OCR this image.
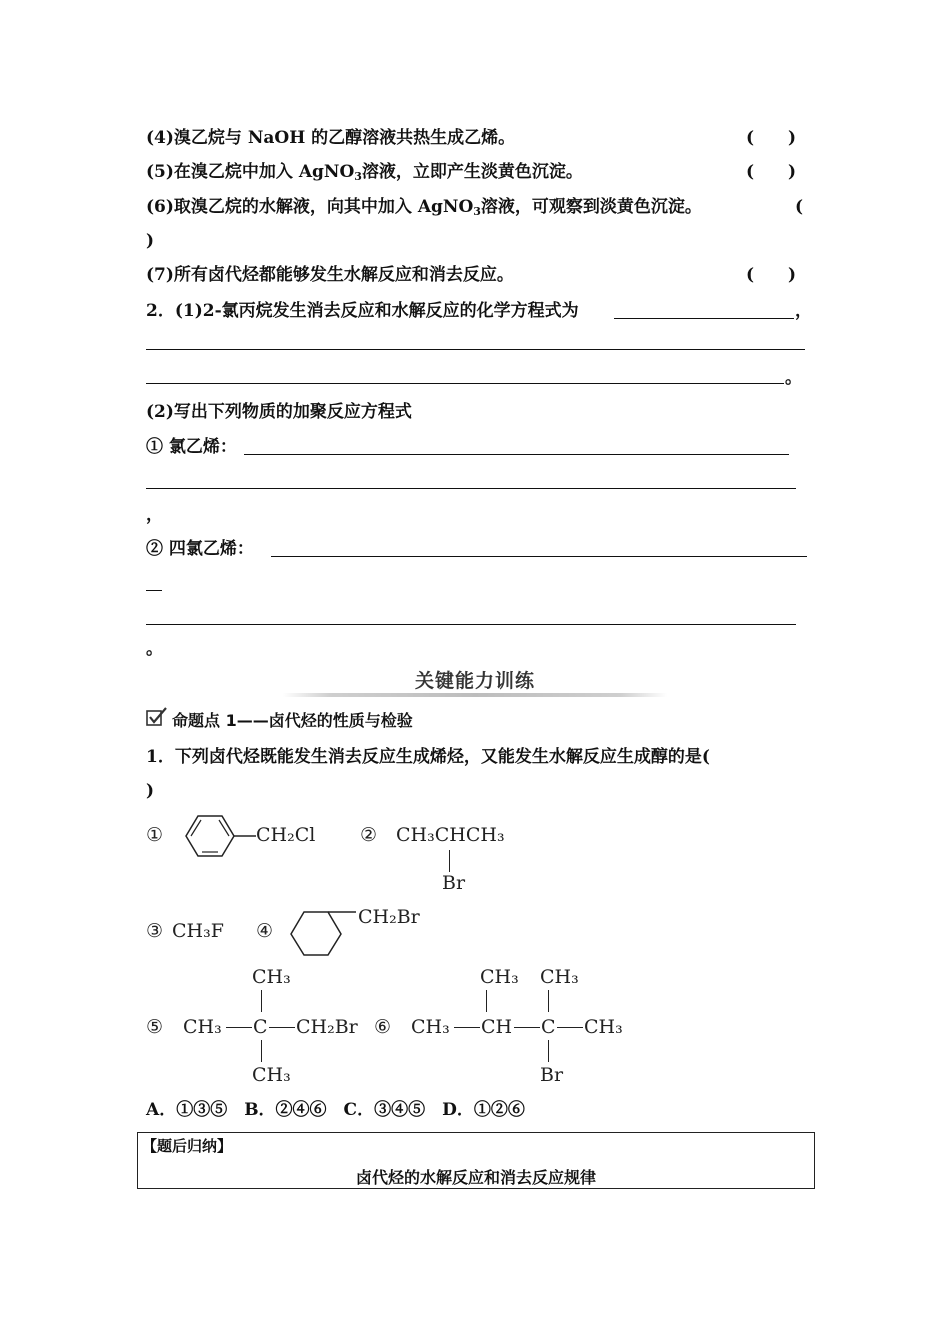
(4)溴乙烷与 NaOH 的乙醇溶液共热生成乙烯。	(　　)
(5)在溴乙烷中加入 AgNO$_3$溶液，立即产生淡黄色沉淀。	(　　)
(6)取溴乙烷的水解液，向其中加入 AgNO$_3$溶液，可观察到淡黄色沉淀。	(
)
(7)所有卤代烃都能够发生水解反应和消去反应。	(　　)
2．(1)2-氯丙烷发生消去反应和水解反应的化学方程式为	，
。
(2)写出下列物质的加聚反应方程式
① 氯乙烯：
，
② 四氯乙烯：
。
关键能力训练
命题点 1——卤代烃的性质与检验
1．下列卤代烃既能发生消去反应生成烯烃，又能发生水解反应生成醇的是(
)
①	CH₂Cl ② CH₃CHCH₃
Br
③ CH₃F ④
CH₂Br
CH₃
⑤ CH₃ C CH₂Br
CH₃
CH₃ CH₃
⑥ CH₃ CH C CH₃
Br
A．①③⑤　B．②④⑥　C．③④⑤　D．①②⑥
【题后归纳】
卤代烃的水解反应和消去反应规律
